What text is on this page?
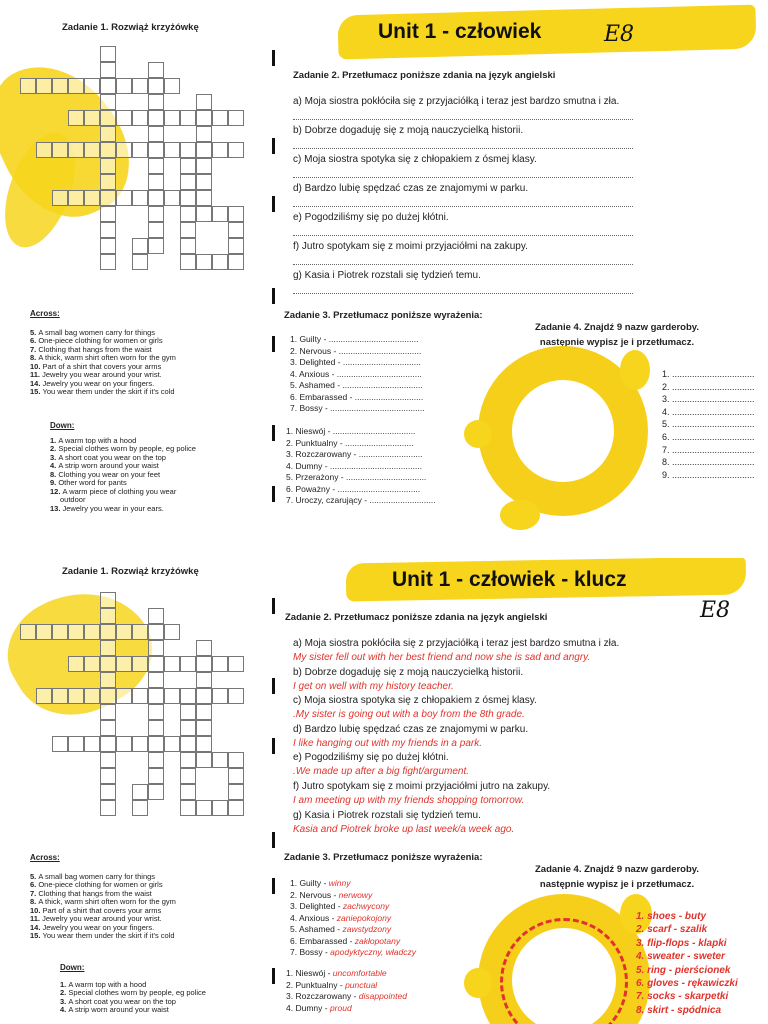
Unit 1 - człowiek	E8
Zadanie 1. Rozwiąż krzyżówkę
Across:
5. A small bag women carry for things
6. One-piece clothing for women or girls
7. Clothing that hangs from the waist
8. A thick, warm shirt often worn for the gym
10. Part of a shirt that covers your arms
11. Jewelry you wear around your wrist.
14. Jewelry you wear on your fingers.
15. You wear them under the skirt if it's cold
Down:
1. A warm top with a hood
2. Special clothes worn by people, eg police
3. A short coat you wear on the top
4. A strip worn around your waist
8. Clothing you wear on your feet
9. Other word for pants
12. A warm piece of clothing you wear
outdoor
13. Jewelry you wear in your ears.
Zadanie 2. Przetłumacz poniższe zdania na język angielski
Zadanie 3. Przetłumacz poniższe wyrażenia:
1. Guilty - ......................................
2. Nervous - ...................................
3. Delighted - .................................
4. Anxious - ....................................
5. Ashamed - ..................................
6. Embarassed - .............................
7. Bossy - ........................................
1. Nieswój - ...................................
2. Punktualny - .............................
3. Rozczarowany - ...........................
4. Dumny - .......................................
5. Przerażony - ..................................
6. Poważny - ...................................
7. Uroczy, czarujący - ............................
Zadanie 4. Znajdź 9 nazw garderoby.
następnie wypisz je i przetłumacz.
1. .................................
2. .................................
3. .................................
4. .................................
5. .................................
6. .................................
7. .................................
8. .................................
9. .................................
a) Moja siostra pokłóciła się z przyjaciółką i teraz jest bardzo smutna i zła.
b) Dobrze dogaduję się z moją nauczycielką historii.
c) Moja siostra spotyka się z chłopakiem z ósmej klasy.
d) Bardzo lubię spędzać czas ze znajomymi w parku.
e) Pogodziliśmy się po dużej kłótni.
f) Jutro spotykam się z moimi przyjaciółmi na zakupy.
g) Kasia i Piotrek rozstali się tydzień temu.
Unit 1 - człowiek - klucz
E8
Zadanie 1. Rozwiąż krzyżówkę
Across:
5. A small bag women carry for things
6. One-piece clothing for women or girls
7. Clothing that hangs from the waist
8. A thick, warm shirt often worn for the gym
10. Part of a shirt that covers your arms
11. Jewelry you wear around your wrist.
14. Jewelry you wear on your fingers.
15. You wear them under the skirt if it's cold
Down:
1. A warm top with a hood
2. Special clothes worn by people, eg police
3. A short coat you wear on the top
4. A strip worn around your waist
Zadanie 2. Przetłumacz poniższe zdania na język angielski
Zadanie 3. Przetłumacz poniższe wyrażenia:
1. Guilty - winny
2. Nervous - nerwowy
3. Delighted - zachwycony
4. Anxious - zaniepokojony
5. Ashamed - zawstydzony
6. Embarassed - zakłopotany
7. Bossy - apodyktyczny, władczy
1. Nieswój - uncomfortable
2. Punktualny - punctual
3. Rozczarowany - disappointed
4. Dumny - proud
Zadanie 4. Znajdź 9 nazw garderoby.
następnie wypisz je i przetłumacz.
1. shoes - buty
2. scarf - szalik
3. flip-flops - klapki
4. sweater - sweter
5. ring - pierścionek
6. gloves - rękawiczki
7. socks - skarpetki
8. skirt - spódnica
a) Moja siostra pokłóciła się z przyjaciółką i teraz jest bardzo smutna i zła.
My sister fell out with her best friend and now she is sad and angry.
b) Dobrze dogaduję się z moją nauczycielką historii.
I get on well with my history teacher.
c) Moja siostra spotyka się z chłopakiem z ósmej klasy.
.My sister is going out with a boy from the 8th grade.
d) Bardzo lubię spędzać czas ze znajomymi w parku.
I like hanging out with my friends in a park.
e) Pogodziliśmy się po dużej kłótni.
.We made up after a big fight/argument.
f) Jutro spotykam się z moimi przyjaciółmi jutro na zakupy.
I am meeting up with my friends shopping tomorrow.
g) Kasia i Piotrek rozstali się tydzień temu.
Kasia and Piotrek broke up last week/a week ago.
